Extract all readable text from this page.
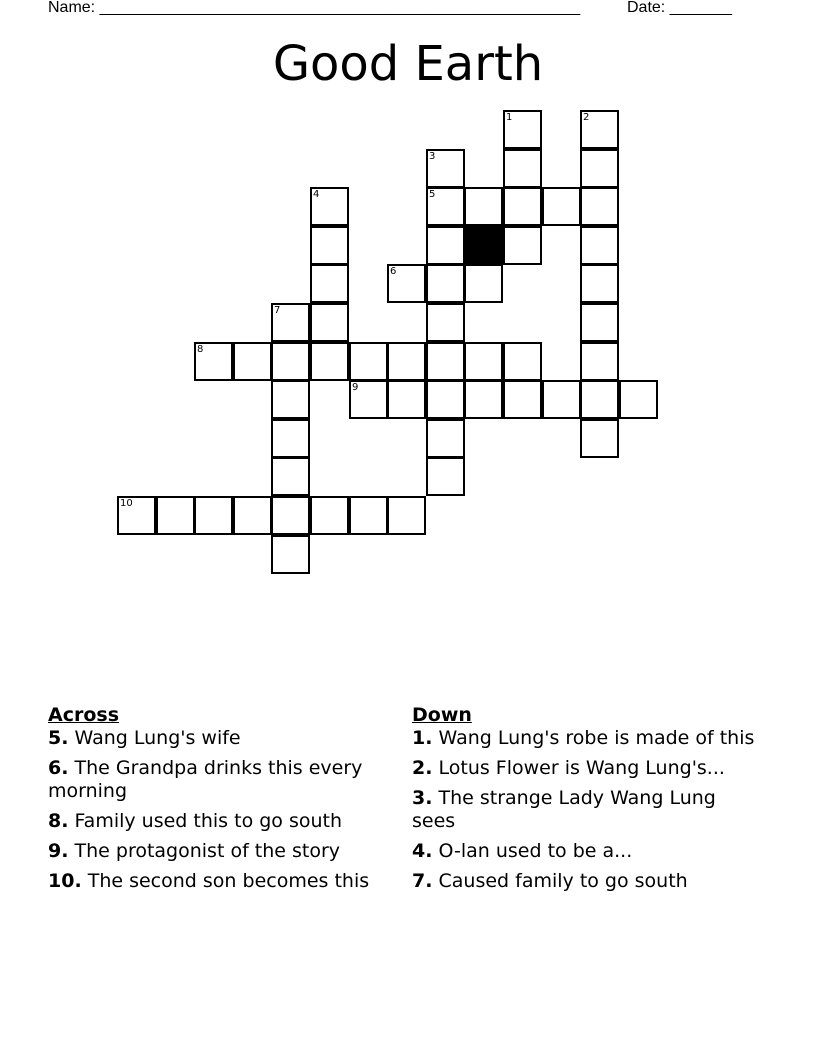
Name: ______________________________________________________	Date: _______
Good Earth
1	2
3
4	5
6
7
8
9
10
Across
5. Wang Lung's wife
6. The Grandpa drinks this every morning
8. Family used this to go south
9. The protagonist of the story
10. The second son becomes this
Down
1. Wang Lung's robe is made of this
2. Lotus Flower is Wang Lung's...
3. The strange Lady Wang Lung sees
4. O-lan used to be a...
7. Caused family to go south
